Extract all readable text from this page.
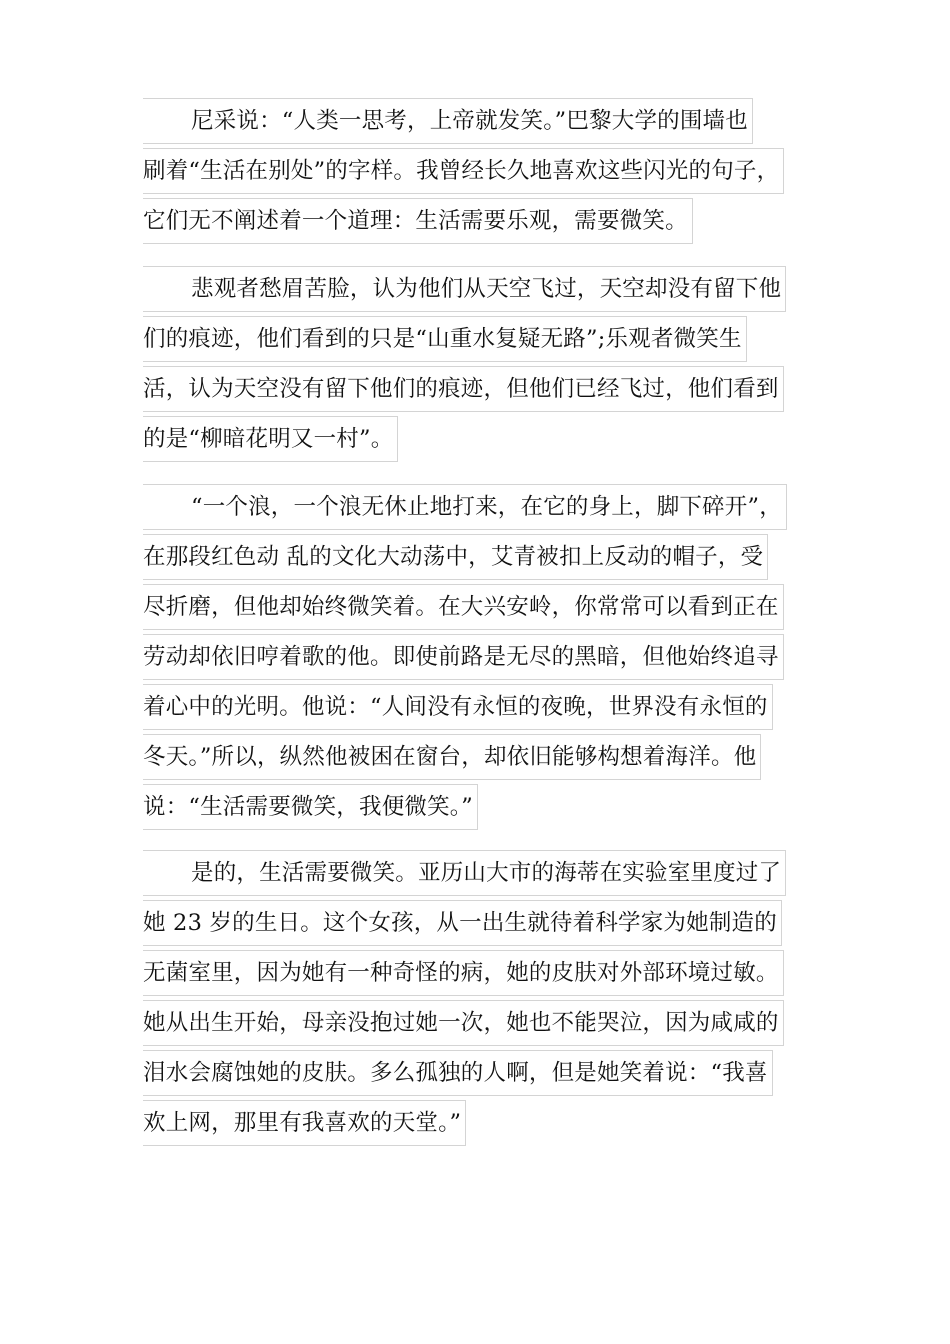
尼采说：“人类一思考，上帝就发笑。”巴黎大学的围墙也
刷着“生活在别处”的字样。我曾经长久地喜欢这些闪光的句子，
它们无不阐述着一个道理：生活需要乐观，需要微笑。
悲观者愁眉苦脸，认为他们从天空飞过，天空却没有留下他
们的痕迹，他们看到的只是“山重水复疑无路”;乐观者微笑生
活，认为天空没有留下他们的痕迹，但他们已经飞过，他们看到
的是“柳暗花明又一村”。
“一个浪，一个浪无休止地打来，在它的身上，脚下碎开”，
在那段红色动 乱的文化大动荡中，艾青被扣上反动的帽子，受
尽折磨，但他却始终微笑着。在大兴安岭，你常常可以看到正在
劳动却依旧哼着歌的他。即使前路是无尽的黑暗，但他始终追寻
着心中的光明。他说：“人间没有永恒的夜晚，世界没有永恒的
冬天。”所以，纵然他被困在窗台，却依旧能够构想着海洋。他
说：“生活需要微笑，我便微笑。”
是的，生活需要微笑。亚历山大市的海蒂在实验室里度过了
她 23 岁的生日。这个女孩，从一出生就待着科学家为她制造的
无菌室里，因为她有一种奇怪的病，她的皮肤对外部环境过敏。
她从出生开始，母亲没抱过她一次，她也不能哭泣，因为咸咸的
泪水会腐蚀她的皮肤。多么孤独的人啊，但是她笑着说：“我喜
欢上网，那里有我喜欢的天堂。”
